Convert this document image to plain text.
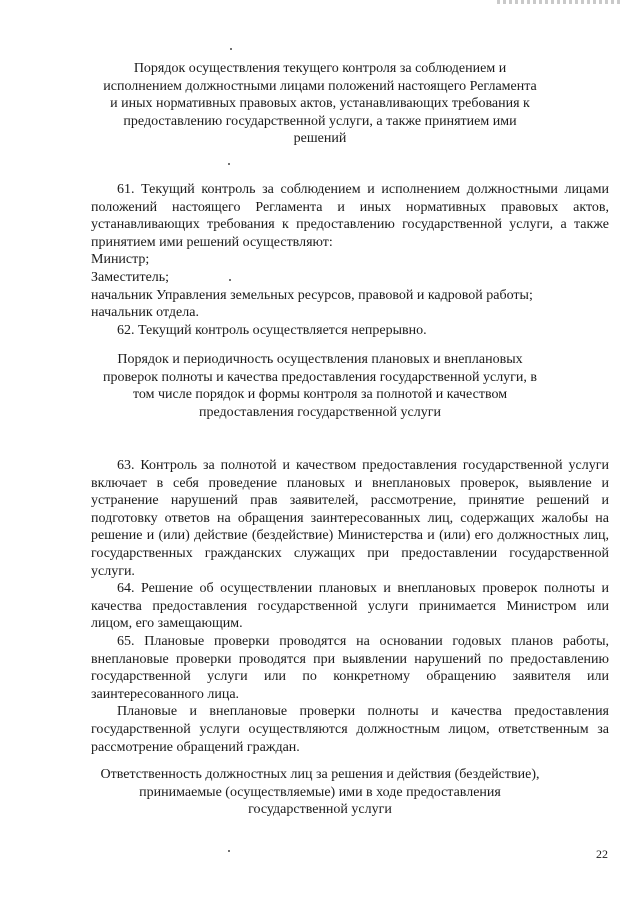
Порядок осуществления текущего контроля за соблюдением и исполнением должностными лицами положений настоящего Регламента и иных нормативных правовых актов, устанавливающих требования к предоставлению государственной услуги, а также принятием ими решений

61. Текущий контроль за соблюдением и исполнением должностными лицами положений настоящего Регламента и иных нормативных правовых актов, устанавливающих требования к предоставлению государственной услуги, а также принятием ими решений осуществляют:

Министр;

Заместитель;

начальник Управления земельных ресурсов, правовой и кадровой работы;

начальник отдела.

62. Текущий контроль осуществляется непрерывно.

Порядок и периодичность осуществления плановых и внеплановых проверок полноты и качества предоставления государственной услуги, в том числе порядок и формы контроля за полнотой и качеством предоставления государственной услуги

63. Контроль за полнотой и качеством предоставления государственной услуги включает в себя проведение плановых и внеплановых проверок, выявление и устранение нарушений прав заявителей, рассмотрение, принятие решений и подготовку ответов на обращения заинтересованных лиц, содержащих жалобы на решение и (или) действие (бездействие) Министерства и (или) его должностных лиц, государственных гражданских служащих при предоставлении государственной услуги.

64. Решение об осуществлении плановых и внеплановых проверок полноты и качества предоставления государственной услуги принимается Министром или лицом, его замещающим.

65. Плановые проверки проводятся на основании годовых планов работы, внеплановые проверки проводятся при выявлении нарушений по предоставлению государственной услуги или по конкретному обращению заявителя или заинтересованного лица.

Плановые и внеплановые проверки полноты и качества предоставления государственной услуги осуществляются должностным лицом, ответственным за рассмотрение обращений граждан.

Ответственность должностных лиц за решения и действия (бездействие), принимаемые (осуществляемые) ими в ходе предоставления государственной услуги
22
